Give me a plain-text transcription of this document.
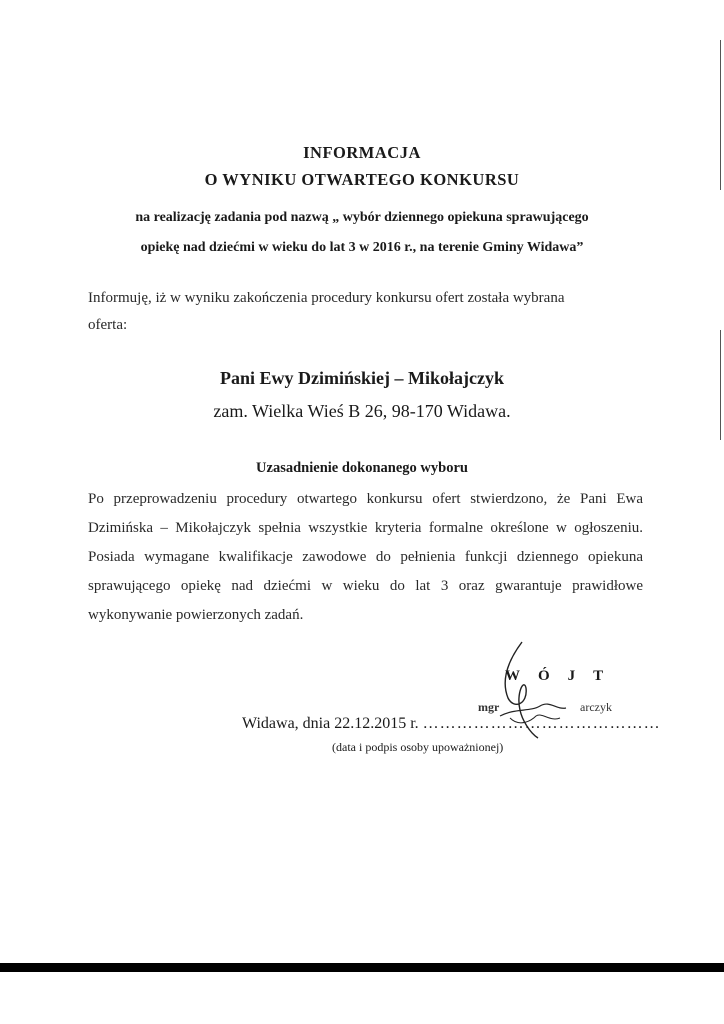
INFORMACJA
O WYNIKU OTWARTEGO KONKURSU
na realizację zadania pod nazwą „ wybór dziennego opiekuna sprawującego
opiekę nad dziećmi w wieku do lat 3 w 2016 r., na terenie Gminy Widawa”
Informuję, iż w wyniku zakończenia procedury konkursu ofert została wybrana
oferta:
Pani Ewy Dzimińskiej – Mikołajczyk
zam. Wielka Wieś B 26, 98-170 Widawa.
Uzasadnienie dokonanego wyboru
Po przeprowadzeniu procedury otwartego konkursu ofert stwierdzono, że Pani Ewa Dzimińska – Mikołajczyk spełnia wszystkie kryteria formalne określone w ogłoszeniu. Posiada wymagane kwalifikacje zawodowe do pełnienia funkcji dziennego opiekuna sprawującego opiekę nad dziećmi w wieku do lat 3 oraz gwarantuje prawidłowe wykonywanie powierzonych zadań.
WÓJT
mgr	arczyk
Widawa, dnia 22.12.2015 r. ……………………………………
(data i podpis osoby upoważnionej)
